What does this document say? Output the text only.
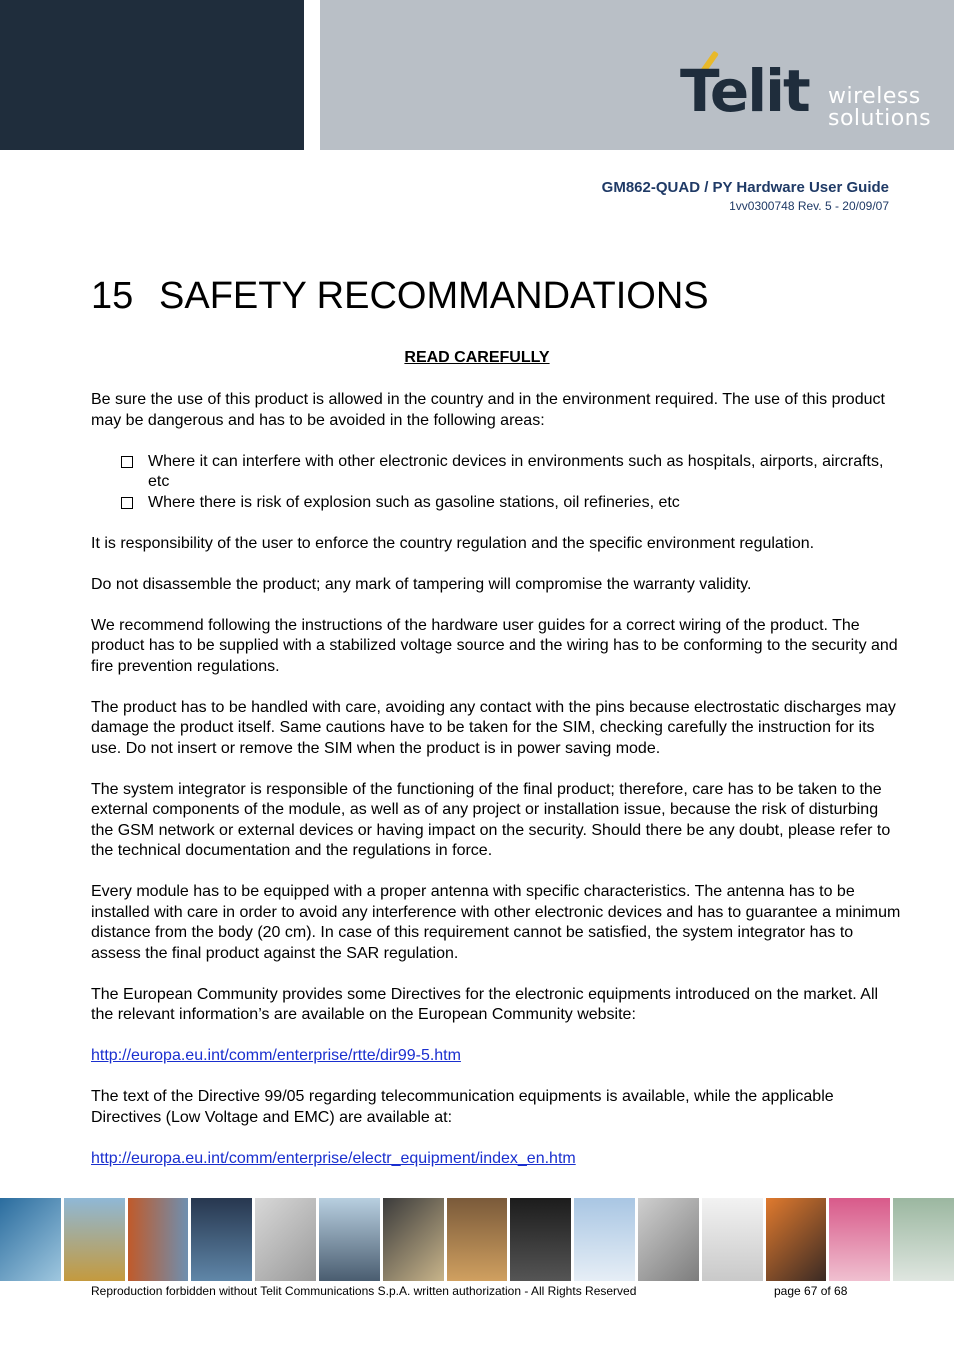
Telit wireless
solutions
GM862-QUAD / PY Hardware User Guide
1vv0300748 Rev. 5 - 20/09/07
15 SAFETY RECOMMANDATIONS
READ CAREFULLY

Be sure the use of this product is allowed in the country and in the environment required. The use of this product may be dangerous and has to be avoided in the following areas:

Where it can interfere with other electronic devices in environments such as hospitals, airports, aircrafts, etc
Where there is risk of explosion such as gasoline stations, oil refineries, etc

It is responsibility of the user to enforce the country regulation and the specific environment regulation.

Do not disassemble the product; any mark of tampering will compromise the warranty validity.

We recommend following the instructions of the hardware user guides for a correct wiring of the product. The product has to be supplied with a stabilized voltage source and the wiring has to be conforming to the security and fire prevention regulations.

The product has to be handled with care, avoiding any contact with the pins because electrostatic discharges may damage the product itself. Same cautions have to be taken for the SIM, checking carefully the instruction for its use. Do not insert or remove the SIM when the product is in power saving mode.

The system integrator is responsible of the functioning of the final product; therefore, care has to be taken to the external components of the module, as well as of any project or installation issue, because the risk of disturbing the GSM network or external devices or having impact on the security. Should there be any doubt, please refer to the technical documentation and the regulations in force.

Every module has to be equipped with a proper antenna with specific characteristics. The antenna has to be installed with care in order to avoid any interference with other electronic devices and has to guarantee a minimum distance from the body (20 cm). In case of this requirement cannot be satisfied, the system integrator has to assess the final product against the SAR regulation.

The European Community provides some Directives for the electronic equipments introduced on the market. All the relevant information’s are available on the European Community website:

http://europa.eu.int/comm/enterprise/rtte/dir99-5.htm

The text of the Directive 99/05 regarding telecommunication equipments is available, while the applicable Directives (Low Voltage and EMC) are available at:

http://europa.eu.int/comm/enterprise/electr_equipment/index_en.htm

Reproduction forbidden without Telit Communications S.p.A. written authorization - All Rights Reserved	page 67 of 68
